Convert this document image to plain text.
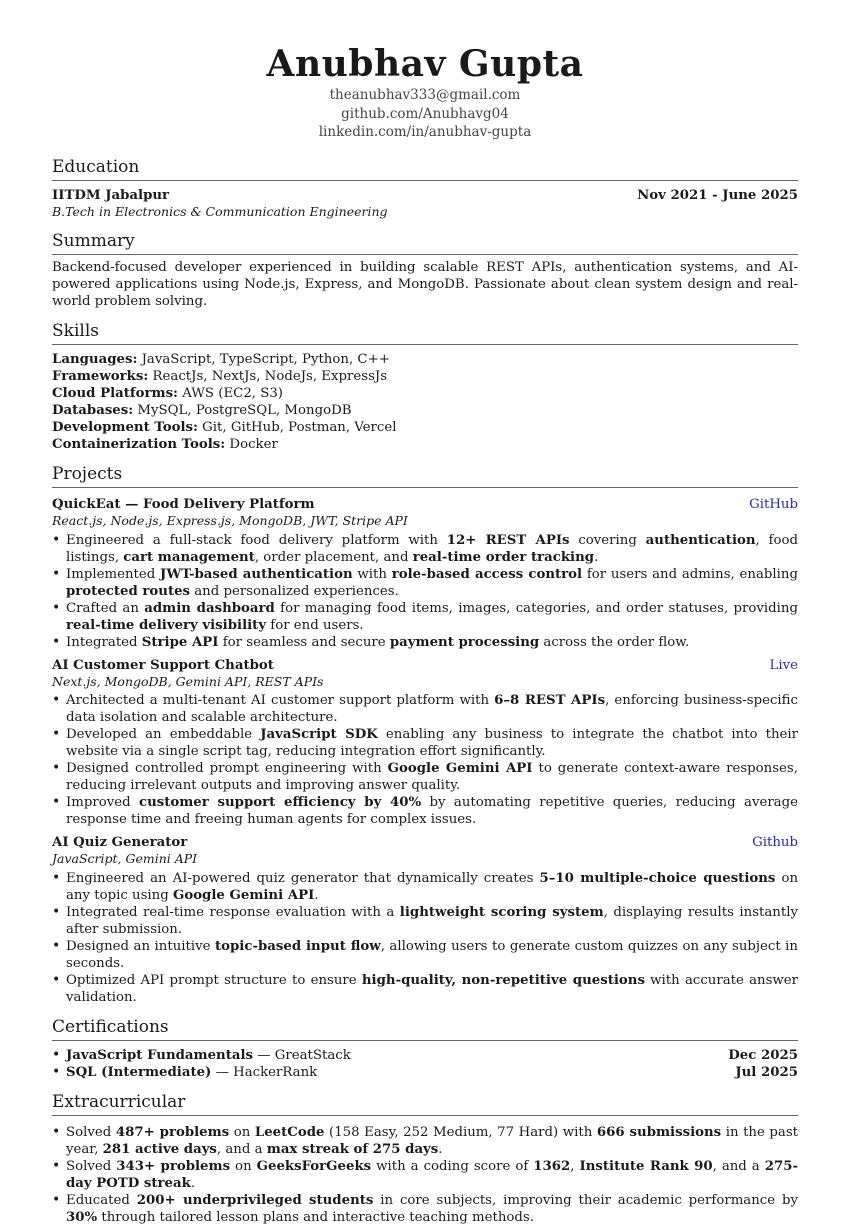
Anubhav Gupta
theanubhav333@gmail.com
github.com/Anubhavg04
linkedin.com/in/anubhav-gupta
Education
IITDM Jabalpur	Nov 2021 - June 2025
B.Tech in Electronics & Communication Engineering
Summary
Backend-focused developer experienced in building scalable REST APIs, authentication systems, and AI-powered applications using Node.js, Express, and MongoDB. Passionate about clean system design and real-world problem solving.
Skills
Languages: JavaScript, TypeScript, Python, C++
Frameworks: ReactJs, NextJs, NodeJs, ExpressJs
Cloud Platforms: AWS (EC2, S3)
Databases: MySQL, PostgreSQL, MongoDB
Development Tools: Git, GitHub, Postman, Vercel
Containerization Tools: Docker
Projects
QuickEat — Food Delivery Platform	GitHub
React.js, Node.js, Express.js, MongoDB, JWT, Stripe API
• Engineered a full-stack food delivery platform with 12+ REST APIs covering authentication, food listings, cart management, order placement, and real-time order tracking.
• Implemented JWT-based authentication with role-based access control for users and admins, enabling protected routes and personalized experiences.
• Crafted an admin dashboard for managing food items, images, categories, and order statuses, providing real-time delivery visibility for end users.
• Integrated Stripe API for seamless and secure payment processing across the order flow.
AI Customer Support Chatbot	Live
Next.js, MongoDB, Gemini API, REST APIs
• Architected a multi-tenant AI customer support platform with 6–8 REST APIs, enforcing business-specific data isolation and scalable architecture.
• Developed an embeddable JavaScript SDK enabling any business to integrate the chatbot into their website via a single script tag, reducing integration effort significantly.
• Designed controlled prompt engineering with Google Gemini API to generate context-aware responses, reducing irrelevant outputs and improving answer quality.
• Improved customer support efficiency by 40% by automating repetitive queries, reducing average response time and freeing human agents for complex issues.
AI Quiz Generator	Github
JavaScript, Gemini API
• Engineered an AI-powered quiz generator that dynamically creates 5–10 multiple-choice questions on any topic using Google Gemini API.
• Integrated real-time response evaluation with a lightweight scoring system, displaying results instantly after submission.
• Designed an intuitive topic-based input flow, allowing users to generate custom quizzes on any subject in seconds.
• Optimized API prompt structure to ensure high-quality, non-repetitive questions with accurate answer validation.
Certifications
• JavaScript Fundamentals — GreatStack	Dec 2025
• SQL (Intermediate) — HackerRank	Jul 2025
Extracurricular
• Solved 487+ problems on LeetCode (158 Easy, 252 Medium, 77 Hard) with 666 submissions in the past year, 281 active days, and a max streak of 275 days.
• Solved 343+ problems on GeeksForGeeks with a coding score of 1362, Institute Rank 90, and a 275-day POTD streak.
• Educated 200+ underprivileged students in core subjects, improving their academic performance by 30% through tailored lesson plans and interactive teaching methods.
